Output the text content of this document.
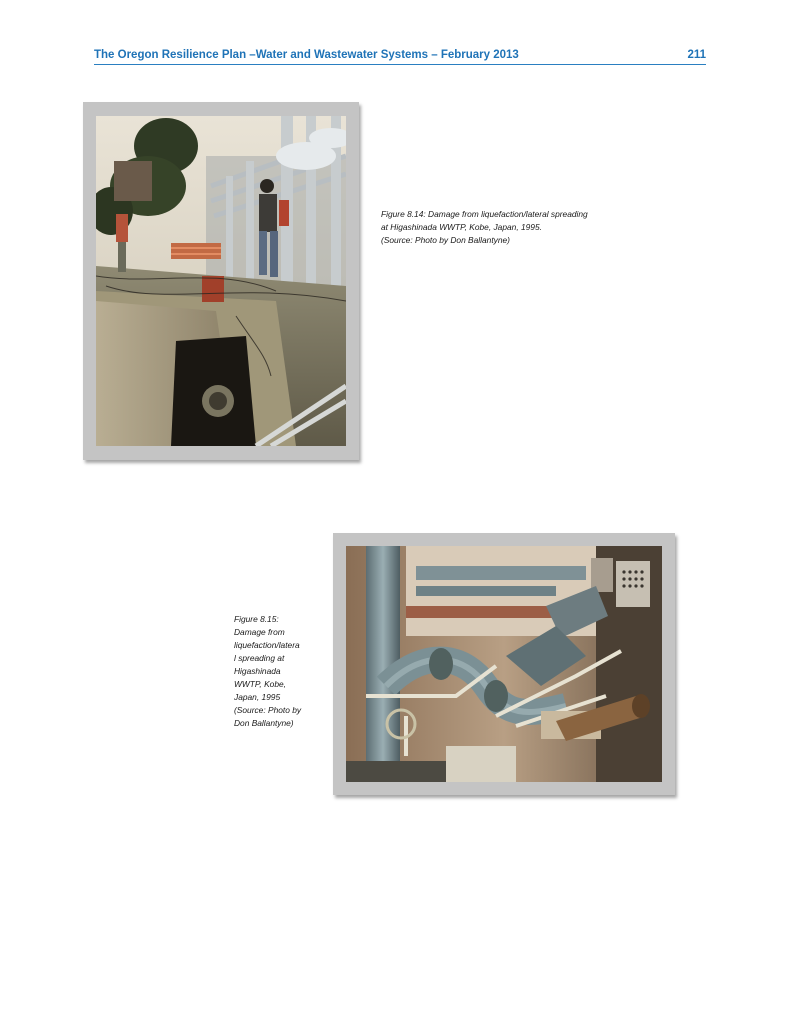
The Oregon Resilience Plan –Water and Wastewater Systems – February 2013	211
Figure 8.14: Damage from liquefaction/lateral spreading
at Higashinada WWTP, Kobe, Japan, 1995.
(Source: Photo by Don Ballantyne)
Figure 8.15:
Damage from
liquefaction/latera
l spreading at
Higashinada
WWTP, Kobe,
Japan, 1995
(Source: Photo by
Don Ballantyne)
